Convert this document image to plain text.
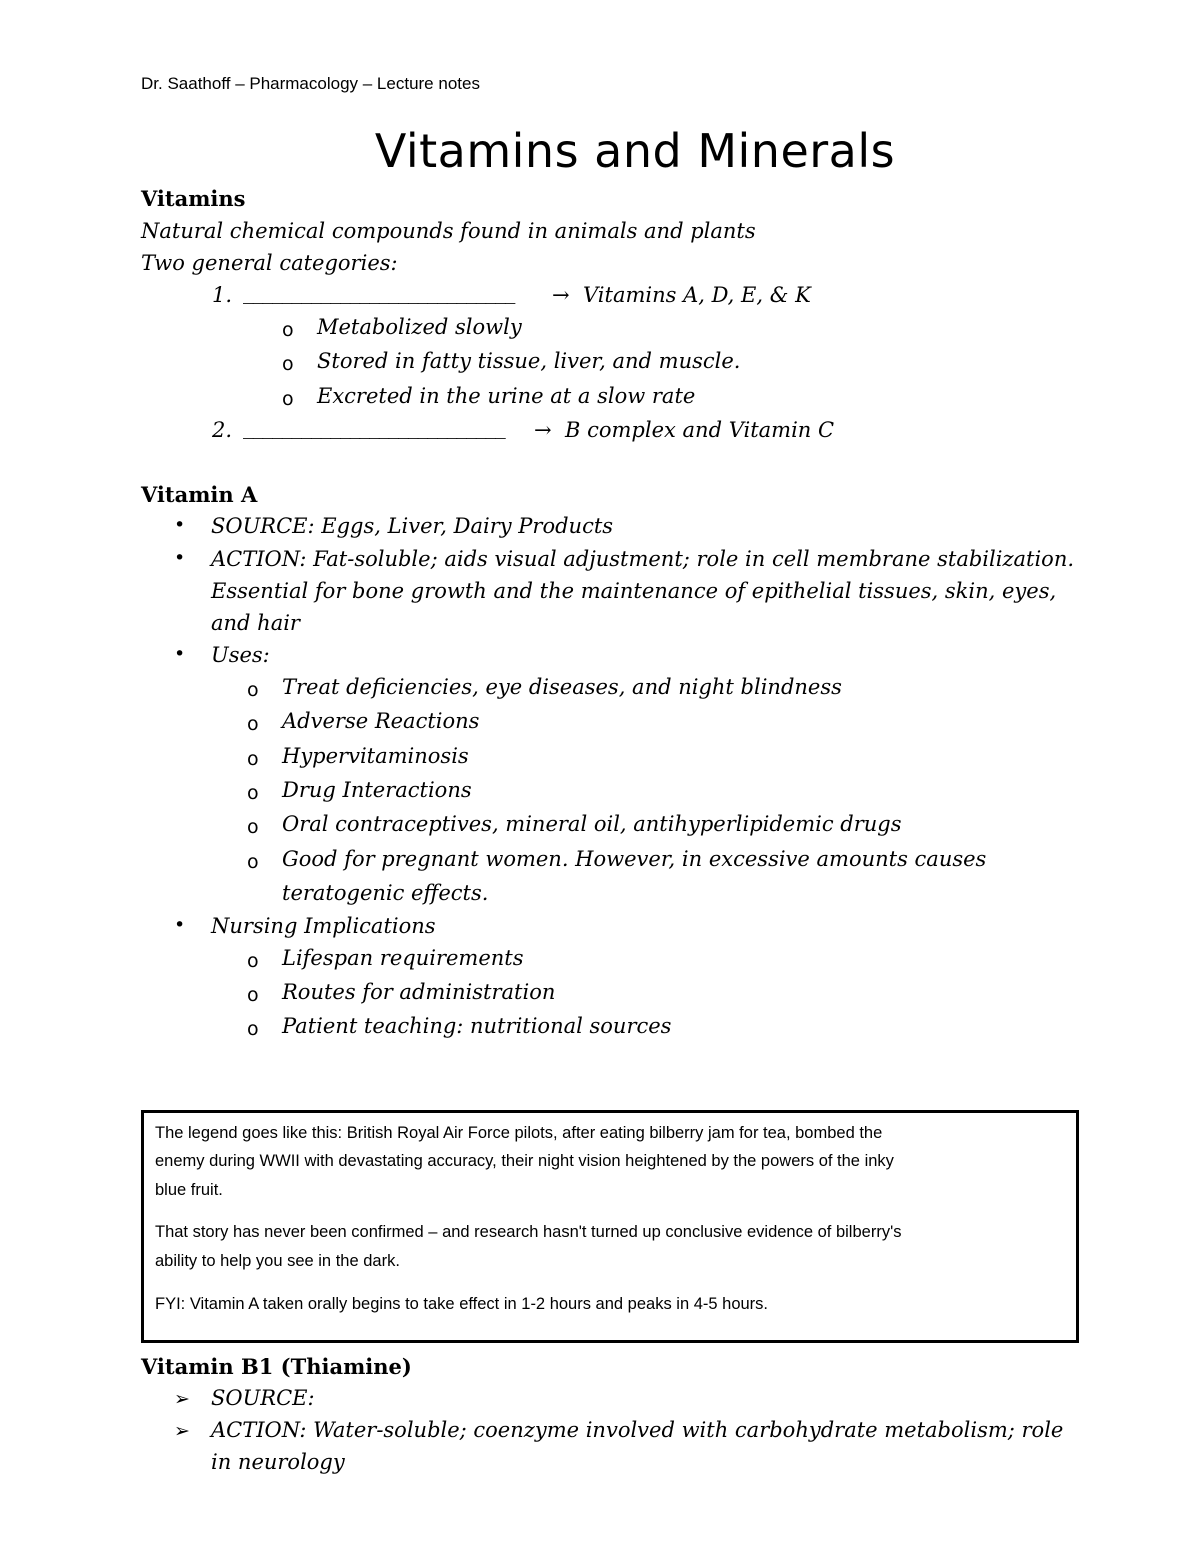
Dr. Saathoff – Pharmacology – Lecture notes
Vitamins and Minerals
Vitamins
Natural chemical compounds found in animals and plants
Two general categories:
1. ____________________________ → Vitamins A, D, E, & K
o Metabolized slowly
o Stored in fatty tissue, liver, and muscle.
o Excreted in the urine at a slow rate
2. ___________________________ → B complex and Vitamin C
Vitamin A
• SOURCE: Eggs, Liver, Dairy Products
• ACTION: Fat-soluble; aids visual adjustment; role in cell membrane stabilization.
Essential for bone growth and the maintenance of epithelial tissues, skin, eyes,
and hair
• Uses:
o Treat deficiencies, eye diseases, and night blindness
o Adverse Reactions
o Hypervitaminosis
o Drug Interactions
o Oral contraceptives, mineral oil, antihyperlipidemic drugs
o Good for pregnant women. However, in excessive amounts causes
teratogenic effects.
• Nursing Implications
o Lifespan requirements
o Routes for administration
o Patient teaching: nutritional sources
The legend goes like this: British Royal Air Force pilots, after eating bilberry jam for tea, bombed the
enemy during WWII with devastating accuracy, their night vision heightened by the powers of the inky
blue fruit.
That story has never been confirmed – and research hasn't turned up conclusive evidence of bilberry's
ability to help you see in the dark.
FYI: Vitamin A taken orally begins to take effect in 1-2 hours and peaks in 4-5 hours.
Vitamin B1 (Thiamine)
➢ SOURCE:
➢ ACTION: Water-soluble; coenzyme involved with carbohydrate metabolism; role
in neurology
